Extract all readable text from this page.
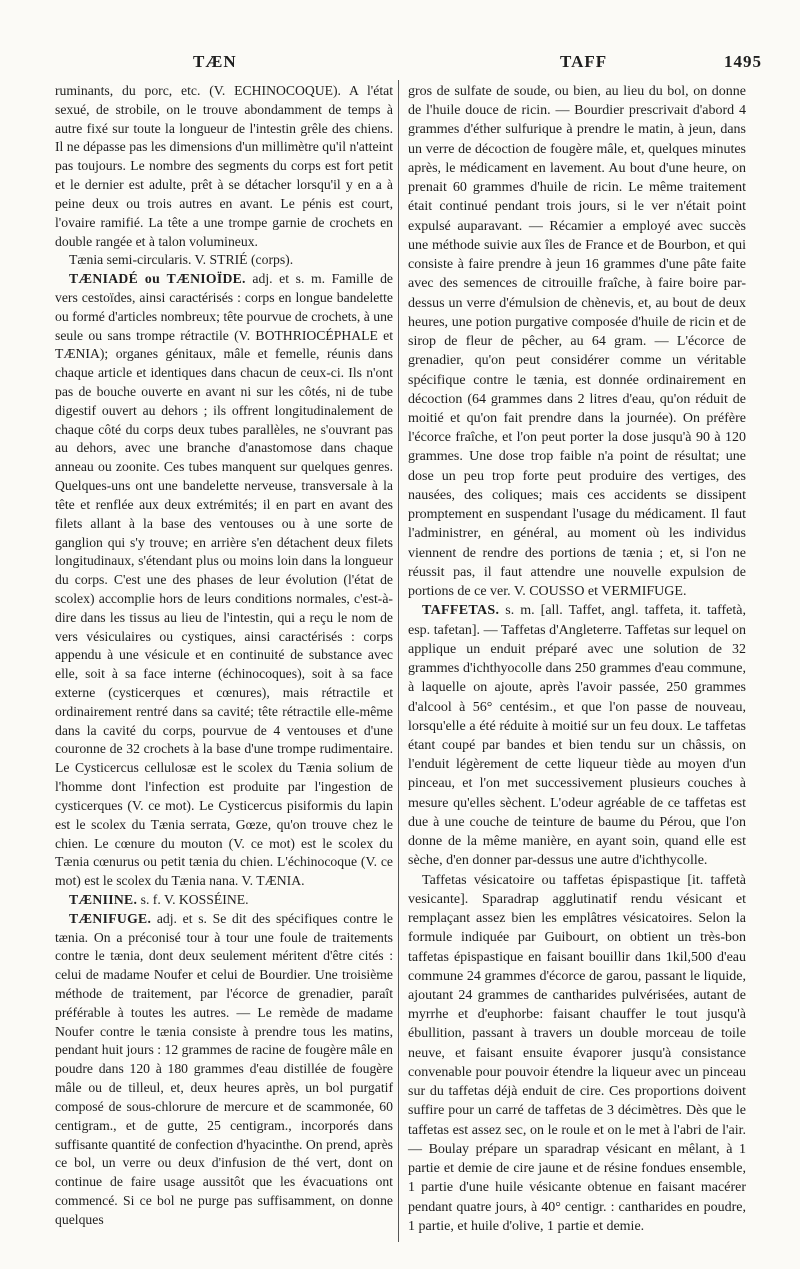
TÆN	TAFF	1495

ruminants, du porc, etc. (V. ECHINOCOQUE). A l'état sexué, de strobile, on le trouve abondamment de temps à autre fixé sur toute la longueur de l'intestin grêle des chiens. Il ne dépasse pas les dimensions d'un millimètre qu'il n'atteint pas toujours. Le nombre des segments du corps est fort petit et le dernier est adulte, prêt à se détacher lorsqu'il y en a à peine deux ou trois autres en avant. Le pénis est court, l'ovaire ramifié. La tête a une trompe garnie de crochets en double rangée et à talon volumineux.

Tænia semi-circularis. V. STRIÉ (corps).

TÆNIADÉ ou TÆNIOÏDE. adj. et s. m. Famille de vers cestoïdes, ainsi caractérisés : corps en longue bandelette ou formé d'articles nombreux; tête pourvue de crochets, à une seule ou sans trompe rétractile (V. BOTHRIOCÉPHALE et TÆNIA); organes génitaux, mâle et femelle, réunis dans chaque article et identiques dans chacun de ceux-ci. Ils n'ont pas de bouche ouverte en avant ni sur les côtés, ni de tube digestif ouvert au dehors ; ils offrent longitudinalement de chaque côté du corps deux tubes parallèles, ne s'ouvrant pas au dehors, avec une branche d'anastomose dans chaque anneau ou zoonite. Ces tubes manquent sur quelques genres. Quelques-uns ont une bandelette nerveuse, transversale à la tête et renflée aux deux extrémités; il en part en avant des filets allant à la base des ventouses ou à une sorte de ganglion qui s'y trouve; en arrière s'en détachent deux filets longitudinaux, s'étendant plus ou moins loin dans la longueur du corps. C'est une des phases de leur évolution (l'état de scolex) accomplie hors de leurs conditions normales, c'est-à-dire dans les tissus au lieu de l'intestin, qui a reçu le nom de vers vésiculaires ou cystiques, ainsi caractérisés : corps appendu à une vésicule et en continuité de substance avec elle, soit à sa face interne (échinocoques), soit à sa face externe (cysticerques et cœnures), mais rétractile et ordinairement rentré dans sa cavité; tête rétractile elle-même dans la cavité du corps, pourvue de 4 ventouses et d'une couronne de 32 crochets à la base d'une trompe rudimentaire. Le Cysticercus cellulosæ est le scolex du Tænia solium de l'homme dont l'infection est produite par l'ingestion de cysticerques (V. ce mot). Le Cysticercus pisiformis du lapin est le scolex du Tænia serrata, Gœze, qu'on trouve chez le chien. Le cœnure du mouton (V. ce mot) est le scolex du Tænia cœnurus ou petit tænia du chien. L'échinocoque (V. ce mot) est le scolex du Tænia nana. V. TÆNIA.

TÆNIINE. s. f. V. KOSSÉINE.

TÆNIFUGE. adj. et s. Se dit des spécifiques contre le tænia. On a préconisé tour à tour une foule de traitements contre le tænia, dont deux seulement méritent d'être cités : celui de madame Noufer et celui de Bourdier. Une troisième méthode de traitement, par l'écorce de grenadier, paraît préférable à toutes les autres. — Le remède de madame Noufer contre le tænia consiste à prendre tous les matins, pendant huit jours : 12 grammes de racine de fougère mâle en poudre dans 120 à 180 grammes d'eau distillée de fougère mâle ou de tilleul, et, deux heures après, un bol purgatif composé de sous-chlorure de mercure et de scammonée, 60 centigram., et de gutte, 25 centigram., incorporés dans suffisante quantité de confection d'hyacinthe. On prend, après ce bol, un verre ou deux d'infusion de thé vert, dont on continue de faire usage aussitôt que les évacuations ont commencé. Si ce bol ne purge pas suffisamment, on donne quelques

gros de sulfate de soude, ou bien, au lieu du bol, on donne de l'huile douce de ricin. — Bourdier prescrivait d'abord 4 grammes d'éther sulfurique à prendre le matin, à jeun, dans un verre de décoction de fougère mâle, et, quelques minutes après, le médicament en lavement. Au bout d'une heure, on prenait 60 grammes d'huile de ricin. Le même traitement était continué pendant trois jours, si le ver n'était point expulsé auparavant. — Récamier a employé avec succès une méthode suivie aux îles de France et de Bourbon, et qui consiste à faire prendre à jeun 16 grammes d'une pâte faite avec des semences de citrouille fraîche, à faire boire par-dessus un verre d'émulsion de chènevis, et, au bout de deux heures, une potion purgative composée d'huile de ricin et de sirop de fleur de pêcher, au 64 gram. — L'écorce de grenadier, qu'on peut considérer comme un véritable spécifique contre le tænia, est donnée ordinairement en décoction (64 grammes dans 2 litres d'eau, qu'on réduit de moitié et qu'on fait prendre dans la journée). On préfère l'écorce fraîche, et l'on peut porter la dose jusqu'à 90 à 120 grammes. Une dose trop faible n'a point de résultat; une dose un peu trop forte peut produire des vertiges, des nausées, des coliques; mais ces accidents se dissipent promptement en suspendant l'usage du médicament. Il faut l'administrer, en général, au moment où les individus viennent de rendre des portions de tænia ; et, si l'on ne réussit pas, il faut attendre une nouvelle expulsion de portions de ce ver. V. COUSSO et VERMIFUGE.

TAFFETAS. s. m. [all. Taffet, angl. taffeta, it. taffetà, esp. tafetan]. — Taffetas d'Angleterre. Taffetas sur lequel on applique un enduit préparé avec une solution de 32 grammes d'ichthyocolle dans 250 grammes d'eau commune, à laquelle on ajoute, après l'avoir passée, 250 grammes d'alcool à 56° centésim., et que l'on passe de nouveau, lorsqu'elle a été réduite à moitié sur un feu doux. Le taffetas étant coupé par bandes et bien tendu sur un châssis, on l'enduit légèrement de cette liqueur tiède au moyen d'un pinceau, et l'on met successivement plusieurs couches à mesure qu'elles sèchent. L'odeur agréable de ce taffetas est due à une couche de teinture de baume du Pérou, que l'on donne de la même manière, en ayant soin, quand elle est sèche, d'en donner par-dessus une autre d'ichthycolle.

Taffetas vésicatoire ou taffetas épispastique [it. taffetà vesicante]. Sparadrap agglutinatif rendu vésicant et remplaçant assez bien les emplâtres vésicatoires. Selon la formule indiquée par Guibourt, on obtient un très-bon taffetas épispastique en faisant bouillir dans 1kil,500 d'eau commune 24 grammes d'écorce de garou, passant le liquide, ajoutant 24 grammes de cantharides pulvérisées, autant de myrrhe et d'euphorbe: faisant chauffer le tout jusqu'à ébullition, passant à travers un double morceau de toile neuve, et faisant ensuite évaporer jusqu'à consistance convenable pour pouvoir étendre la liqueur avec un pinceau sur du taffetas déjà enduit de cire. Ces proportions doivent suffire pour un carré de taffetas de 3 décimètres. Dès que le taffetas est assez sec, on le roule et on le met à l'abri de l'air. — Boulay prépare un sparadrap vésicant en mêlant, à 1 partie et demie de cire jaune et de résine fondues ensemble, 1 partie d'une huile vésicante obtenue en faisant macérer pendant quatre jours, à 40° centigr. : cantharides en poudre, 1 partie, et huile d'olive, 1 partie et demie.
